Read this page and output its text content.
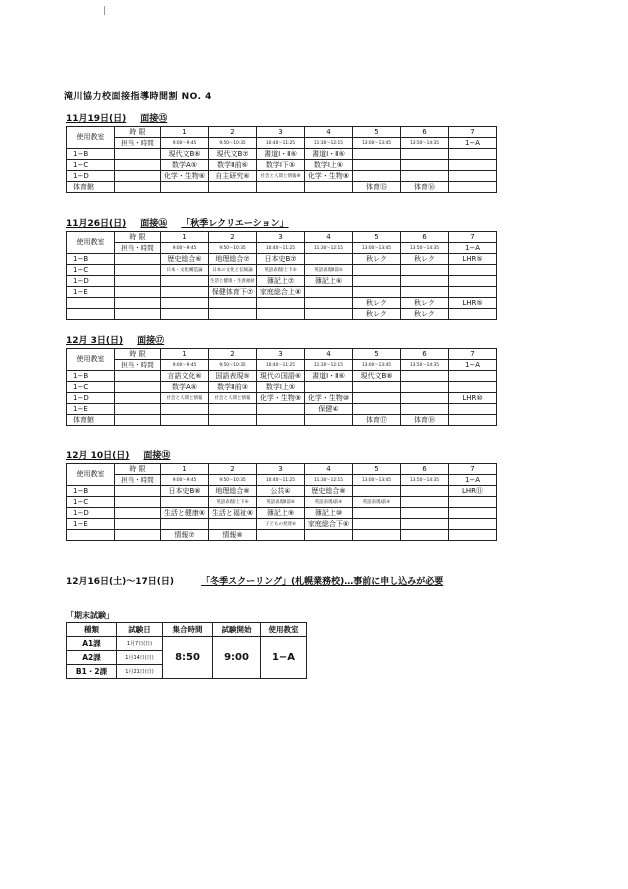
滝川協力校面接指導時間割 NO. 4
11月19日(日) 面接⑮
使用教室	時 限	1	2	3	4	5	6	7
	担当・時間	9:00〜9:45	9:50〜10:35	10:40〜11:25	11:30〜12:15	13:00〜13:45	13:50〜14:35	1−A
1−B		現代文B⑥	現代文B⑦	書道Ⅰ・Ⅱ⑥	書道Ⅰ・Ⅱ⑥			
1−C		数学A⑤	数学Ⅱ前⑥	数学Ⅰ下⑤	数学Ⅰ上⑥			
1−D		化学・生物⑥	自主研究⑥	社会と人間と情報⑧	化学・生物⑧			
体育館						体育⑮	体育⑯	
11月26日(日) 面接⑯ 「秋季レクリエーション」
使用教室	時 限	1	2	3	4	5	6	7
	担当・時間	9:00〜9:45	9:50〜10:35	10:40〜11:25	11:30〜12:15	13:00〜13:45	13:50〜14:35	1−A
1−B		歴史総合⑥	地理総合⑦	日本史B⑦		秋レク	秋レク	LHR⑤
1−C		日本・文化構造論	日本の文化と伝統論	英語表現Ⅰ上下⑤	英語表現Ⅱ前⑤			
1−D			生活と健康・生涯福祉	簿記上⑦	簿記上⑥			
1−E			保健体育下⑦	家庭総合上⑧				
						秋レク	秋レク	LHR⑤
						秋レク	秋レク	
12月 3日(日) 面接⑰
使用教室	時 限	1	2	3	4	5	6	7
	担当・時間	9:00〜9:45	9:50〜10:35	10:40〜11:25	11:30〜12:15	13:00〜13:45	13:50〜14:35	1−A
1−B		言語文化⑥	国語表現⑤	現代の国語⑥	書道Ⅰ・Ⅱ⑥	現代文B⑧		
1−C		数学A⑥	数学Ⅱ前③	数学Ⅰ上⑤				
1−D		社会と人間と情報	社会と人間と情報	化学・生物⑨	化学・生物⑩			LHR⑩
1−E					保健④			
体育館						体育⑰	体育⑱	
12月 10日(日) 面接⑱
使用教室	時 限	1	2	3	4	5	6	7
	担当・時間	9:00〜9:45	9:50〜10:35	10:40〜11:25	11:30〜12:15	13:00〜13:45	13:50〜14:35	1−A
1−B		日本史B⑧	地理総合⑧	公共④	歴史総合⑧			LHR⑪
1−C			英語表現Ⅰ上下⑥	英語表現Ⅱ前⑥	英語表現Ⅰ前⑥	英語表現Ⅰ前⑥		
1−D		生活と健康⑧	生活と福祉⑧	簿記上⑨	簿記上⑩			
1−E				子どもの発達⑥	家庭総合下⑥			
		情報⑦	情報⑧					
12月16日(土)〜17日(日)	「冬季スクーリング」(札幌業務校)…事前に申し込みが必要
「期末試験」
種類	試験日	集合時間	試験開始	使用教室
A1課	1月7日(日)	8:50	9:00	1−A
A2課	1月14日(日)			
B1・2課	1月21日(日)			
